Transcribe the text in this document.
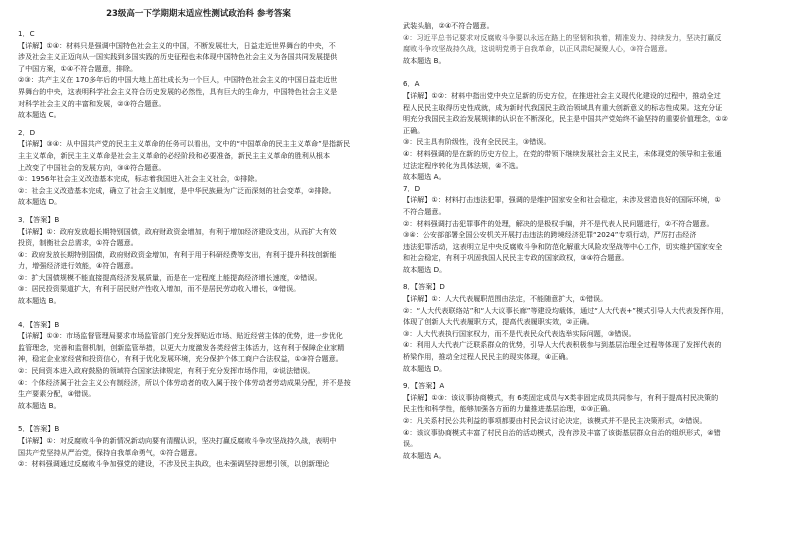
23级高一下学期期末适应性测试政治科 参考答案
1．C
【详解】①④：材料只是强调中国特色社会主义的中国，不断发展壮大，日益走近世界舞台的中央，不
涉及社会主义正迈向从一国实践到多国实践的历史征程也未体现中国特色社会主义为各国共同发展提供
了中国方案，①④不符合题意，排除。
②③：共产主义在 170多年后的中国大地上茁壮成长为一个巨人，中国特色社会主义的中国日益走近世
界舞台的中央，这表明科学社会主义符合历史发展的必然性，具有巨大的生命力，中国特色社会主义是
对科学社会主义的丰富和发展，②③符合题意。
故本题选 C。
2．D
【详解】③④：从中国共产党的民主主义革命的任务可以看出，文中的“中国革命的民主主义革命”是指新民
主主义革命，新民主主义革命是社会主义革命的必经阶段和必要准备，新民主主义革命的胜利从根本
上改变了中国社会的发展方向，③④符合题意。
①：1956年社会主义改造基本完成，标志着我国进入社会主义社会，①排除。
②：社会主义改造基本完成，确立了社会主义制度，是中华民族最为广泛而深刻的社会变革，②排除。
故本题选 D。
3．【答案】B
【详解】①：政府发放超长期特别国债，政府财政资金增加，有利于增加经济建设支出，从而扩大有效
投资，制衡社会总需求，①符合题意。
④：政府发放长期特别国债，政府财政资金增加，有利于用于科研经费等支出，有利于提升科技创新能
力，增强经济进行效能，④符合题意。
②：扩大国债规模不能直接提高经济发展质量，而是在一定程度上能提高经济增长速度，②错误。
③：居民投资渠道扩大，有利于居民财产性收入增加，而不是居民劳动收入增长，③错误。
故本题选 B。
4．【答案】B
【详解】①③：市场监督管理局要求市场监管部门充分发挥贴近市场、贴近经营主体的优势，进一步优化
监管理念，完善和监督机制，创新监管举措，以更大力度激发各类经营主体活力，这有利于保障企业家精
神，稳定企业家经营和投资信心，有利于优化发展环境，充分保护个体工商户合法权益，①③符合题意。
②：民间资本进入政府鼓励的领域符合国家法律规定，有利于充分发挥市场作用，②说法错误。
④：个体经济属于社会主义公有制经济，所以个体劳动者的收入属于按个体劳动者劳动成果分配，并不是按
生产要素分配，④错误。
故本题选 B。
5．【答案】B
【详解】①：对反腐败斗争的新情况新动向要有清醒认识，坚决打赢反腐败斗争攻坚战持久战，表明中
国共产党坚持从严治党，保持自我革命勇气，①符合题意。
②：材料强调通过反腐败斗争加强党的建设，不涉及民主执政，也未强调坚持思想引领，以创新理论
武装头脑，②④不符合题意。
④：习近平总书记要求对反腐败斗争要以永远在路上的坚韧和执着，精准发力、持续发力，坚决打赢反
腐败斗争攻坚战持久战，这说明党勇于自我革命，以正风肃纪凝聚人心，③符合题意。
故本题选 B。
6．A
【详解】①②：材料中指出党中央立足新的历史方位，在推进社会主义现代化建设的过程中，推动全过
程人民民主取得历史性成就，成为新时代我国民主政治领域具有重大创新意义的标志性成果。这充分证
明充分我国民主政治发展规律的认识在不断深化，民主是中国共产党始终不渝坚持的重要价值理念，①②
正确。
③：民主具有阶级性，没有全民民主，③错误。
④：材料强调的是在新的历史方位上，在党的带领下继续发展社会主义民主，未体现党的领导和主张通
过法定程序转化为具体法规，④不选。
故本题选 A。
7．D
【详解】①：材料打击违法犯罪，强调的是维护国家安全和社会稳定，未涉及营造良好的国际环境，①
不符合题意。
②：材料强调打击犯罪事件的处理，解决的是极权手编，并不是代表人民问题进行，②不符合题意。
③④：公安部部署全国公安机关开展打击违法的跨境经济犯罪“2024”专项行动，严厉打击经济
违法犯罪活动，这表明立足中央反腐败斗争和防范化解重大风险攻坚战等中心工作，切实维护国家安全
和社会稳定，有利于巩固我国人民民主专政的国家政权，③④符合题意。
故本题选 D。
8．【答案】D
【详解】①：人大代表履职范围由法定，不能随意扩大，①错误。
②：“人大代表联络站”和“人大议事长廊”等建设均载体，通过“人大代表+”模式引导人大代表发挥作用，
体现了创新人大代表履职方式，提高代表履职实效，②正确。
③：人大代表执行国家权力，而不是代表民众代表选举实际问题，③错误。
④：利用人大代表广泛联系群众的优势，引导人大代表积极参与到基层治理全过程等体现了发挥代表的
桥梁作用，推动全过程人民民主的现实体现，④正确。
故本题选 D。
9．【答案】A
【详解】①③：该议事协商模式，有 6类固定成员与X类非固定成员共同参与，有利于提高村民决策的
民主性和科学性，能够加强各方面的力量推进基层治理，①③正确。
②：凡关系村民公共利益的事项都要由村民会议讨论决定，该模式并不是民主决策形式，②错误。
④：该议事协商模式丰富了村民自治的活动模式，没有涉及丰富了该街基层群众自治的组织形式，④错
误。
故本题选 A。
